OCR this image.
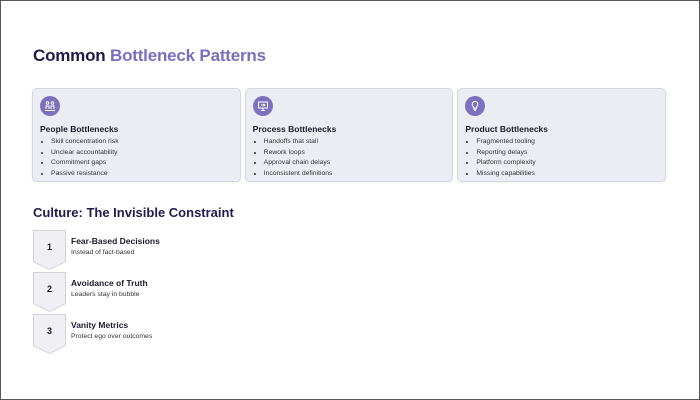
Common Bottleneck Patterns
People Bottlenecks
• Skill concentration risk
• Unclear accountability
• Commitment gaps
• Passive resistance
Process Bottlenecks
• Handoffs that stall
• Rework loops
• Approval chain delays
• Inconsistent definitions
Product Bottlenecks
• Fragmented tooling
• Reporting delays
• Platform complexity
• Missing capabilities
Culture: The Invisible Constraint
1
Fear-Based Decisions
Instead of fact-based
2
Avoidance of Truth
Leaders stay in bubble
3
Vanity Metrics
Protect ego over outcomes
